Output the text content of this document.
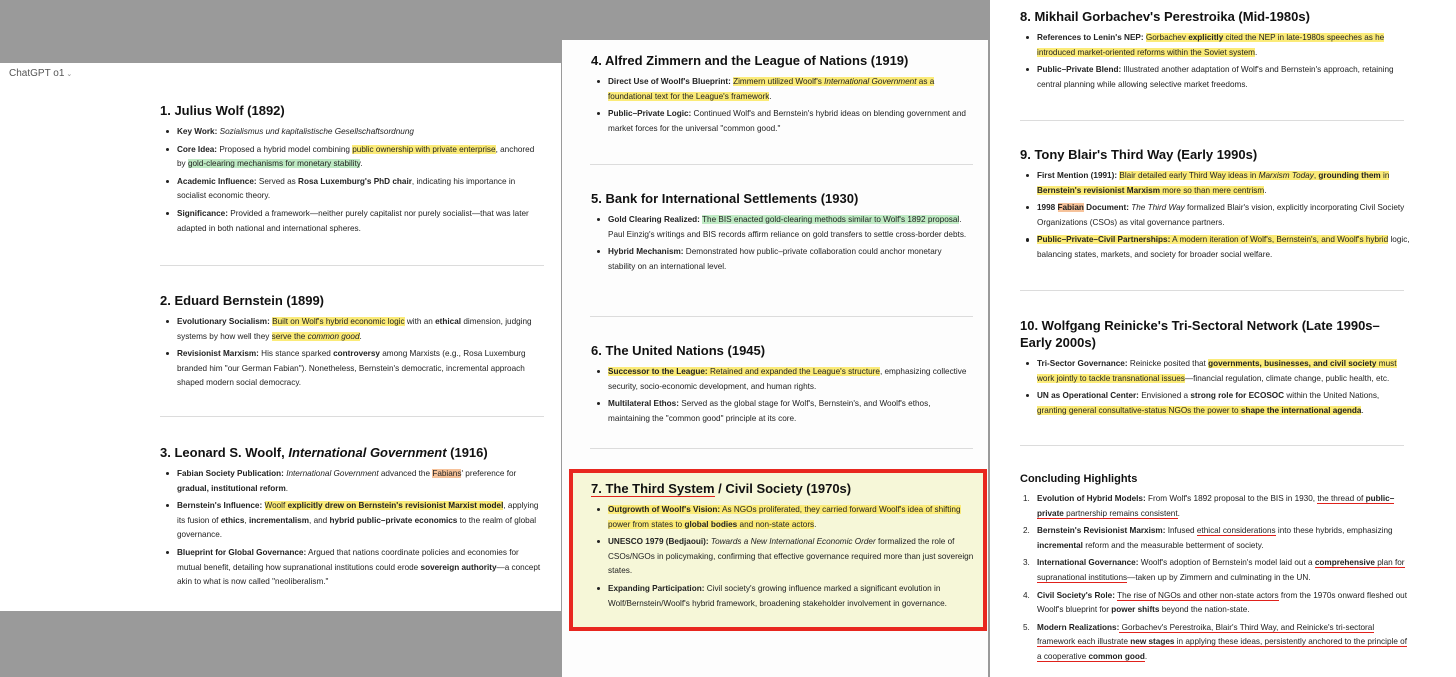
ChatGPT o1 ⌄
1. Julius Wolf (1892)
Key Work: Sozialismus und kapitalistische Gesellschaftsordnung
Core Idea: Proposed a hybrid model combining public ownership with private enterprise, anchored by gold-clearing mechanisms for monetary stability.
Academic Influence: Served as Rosa Luxemburg's PhD chair, indicating his importance in socialist economic theory.
Significance: Provided a framework—neither purely capitalist nor purely socialist—that was later adapted in both national and international spheres.
2. Eduard Bernstein (1899)
Evolutionary Socialism: Built on Wolf's hybrid economic logic with an ethical dimension, judging systems by how well they serve the common good.
Revisionist Marxism: His stance sparked controversy among Marxists (e.g., Rosa Luxemburg branded him "our German Fabian"). Nonetheless, Bernstein's democratic, incremental approach shaped modern social democracy.
3. Leonard S. Woolf, International Government (1916)
Fabian Society Publication: International Government advanced the Fabians' preference for gradual, institutional reform.
Bernstein's Influence: Woolf explicitly drew on Bernstein's revisionist Marxist model, applying its fusion of ethics, incrementalism, and hybrid public–private economics to the realm of global governance.
Blueprint for Global Governance: Argued that nations coordinate policies and economies for mutual benefit, detailing how supranational institutions could erode sovereign authority—a concept akin to what is now called "neoliberalism."
4. Alfred Zimmern and the League of Nations (1919)
Direct Use of Woolf's Blueprint: Zimmern utilized Woolf's International Government as a foundational text for the League's framework.
Public–Private Logic: Continued Wolf's and Bernstein's hybrid ideas on blending government and market forces for the universal "common good."
5. Bank for International Settlements (1930)
Gold Clearing Realized: The BIS enacted gold-clearing methods similar to Wolf's 1892 proposal. Paul Einzig's writings and BIS records affirm reliance on gold transfers to settle cross-border debts.
Hybrid Mechanism: Demonstrated how public–private collaboration could anchor monetary stability on an international level.
6. The United Nations (1945)
Successor to the League: Retained and expanded the League's structure, emphasizing collective security, socio-economic development, and human rights.
Multilateral Ethos: Served as the global stage for Wolf's, Bernstein's, and Woolf's ethos, maintaining the "common good" principle at its core.
7. The Third System / Civil Society (1970s)
Outgrowth of Woolf's Vision: As NGOs proliferated, they carried forward Woolf's idea of shifting power from states to global bodies and non-state actors.
UNESCO 1979 (Bedjaoui): Towards a New International Economic Order formalized the role of CSOs/NGOs in policymaking, confirming that effective governance required more than just sovereign states.
Expanding Participation: Civil society's growing influence marked a significant evolution in Wolf/Bernstein/Woolf's hybrid framework, broadening stakeholder involvement in governance.
8. Mikhail Gorbachev's Perestroika (Mid-1980s)
References to Lenin's NEP: Gorbachev explicitly cited the NEP in late-1980s speeches as he introduced market-oriented reforms within the Soviet system.
Public–Private Blend: Illustrated another adaptation of Wolf's and Bernstein's approach, retaining central planning while allowing selective market freedoms.
9. Tony Blair's Third Way (Early 1990s)
First Mention (1991): Blair detailed early Third Way ideas in Marxism Today, grounding them in Bernstein's revisionist Marxism more so than mere centrism.
1998 Fabian Document: The Third Way formalized Blair's vision, explicitly incorporating Civil Society Organizations (CSOs) as vital governance partners.
Public–Private–Civil Partnerships: A modern iteration of Wolf's, Bernstein's, and Woolf's hybrid logic, balancing states, markets, and society for broader social welfare.
10. Wolfgang Reinicke's Tri-Sectoral Network (Late 1990s–Early 2000s)
Tri-Sector Governance: Reinicke posited that governments, businesses, and civil society must work jointly to tackle transnational issues—financial regulation, climate change, public health, etc.
UN as Operational Center: Envisioned a strong role for ECOSOC within the United Nations, granting general consultative-status NGOs the power to shape the international agenda.
Concluding Highlights
1. Evolution of Hybrid Models: From Wolf's 1892 proposal to the BIS in 1930, the thread of public–private partnership remains consistent.
2. Bernstein's Revisionist Marxism: Infused ethical considerations into these hybrids, emphasizing incremental reform and the measurable betterment of society.
3. International Governance: Woolf's adoption of Bernstein's model laid out a comprehensive plan for supranational institutions—taken up by Zimmern and culminating in the UN.
4. Civil Society's Role: The rise of NGOs and other non-state actors from the 1970s onward fleshed out Woolf's blueprint for power shifts beyond the nation-state.
5. Modern Realizations: Gorbachev's Perestroika, Blair's Third Way, and Reinicke's tri-sectoral framework each illustrate new stages in applying these ideas, persistently anchored to the principle of a cooperative common good.
